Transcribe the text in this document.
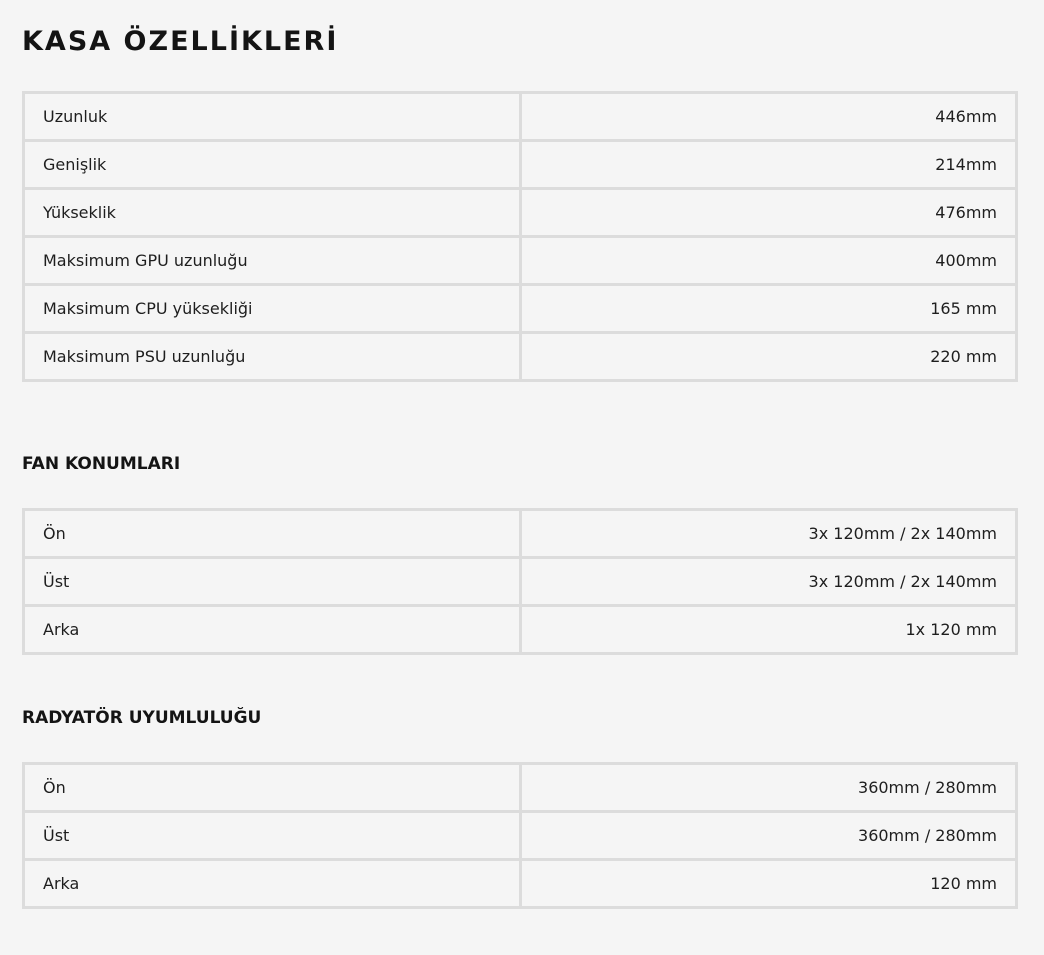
KASA ÖZELLİKLERİ
Uzunluk	446mm
Genişlik	214mm
Yükseklik	476mm
Maksimum GPU uzunluğu	400mm
Maksimum CPU yüksekliği	165 mm
Maksimum PSU uzunluğu	220 mm
FAN KONUMLARI
Ön	3x 120mm / 2x 140mm
Üst	3x 120mm / 2x 140mm
Arka	1x 120 mm
RADYATÖR UYUMLULUĞU
Ön	360mm / 280mm
Üst	360mm / 280mm
Arka	120 mm
